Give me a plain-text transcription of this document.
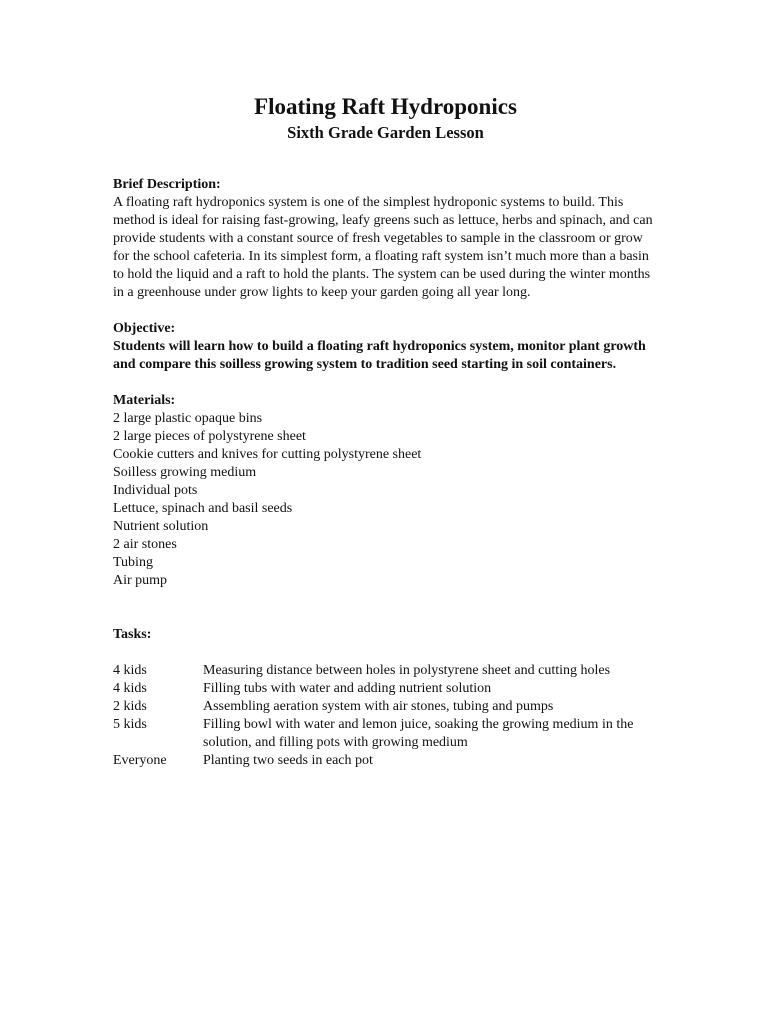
Floating Raft Hydroponics
Sixth Grade Garden Lesson

Brief Description:

A floating raft hydroponics system is one of the simplest hydroponic systems to build. This method is ideal for raising fast-growing, leafy greens such as lettuce, herbs and spinach, and can provide students with a constant source of fresh vegetables to sample in the classroom or grow for the school cafeteria. In its simplest form, a floating raft system isn’t much more than a basin to hold the liquid and a raft to hold the plants. The system can be used during the winter months in a greenhouse under grow lights to keep your garden going all year long.

Objective:

Students will learn how to build a floating raft hydroponics system, monitor plant growth and compare this soilless growing system to tradition seed starting in soil containers.

Materials:

2 large plastic opaque bins
2 large pieces of polystyrene sheet
Cookie cutters and knives for cutting polystyrene sheet
Soilless growing medium
Individual pots
Lettuce, spinach and basil seeds
Nutrient solution
2 air stones
Tubing
Air pump

Tasks:

4 kids	Measuring distance between holes in polystyrene sheet and cutting holes
4 kids	Filling tubs with water and adding nutrient solution
2 kids	Assembling aeration system with air stones, tubing and pumps
5 kids	Filling bowl with water and lemon juice, soaking the growing medium in the solution, and filling pots with growing medium
Everyone	Planting two seeds in each pot
